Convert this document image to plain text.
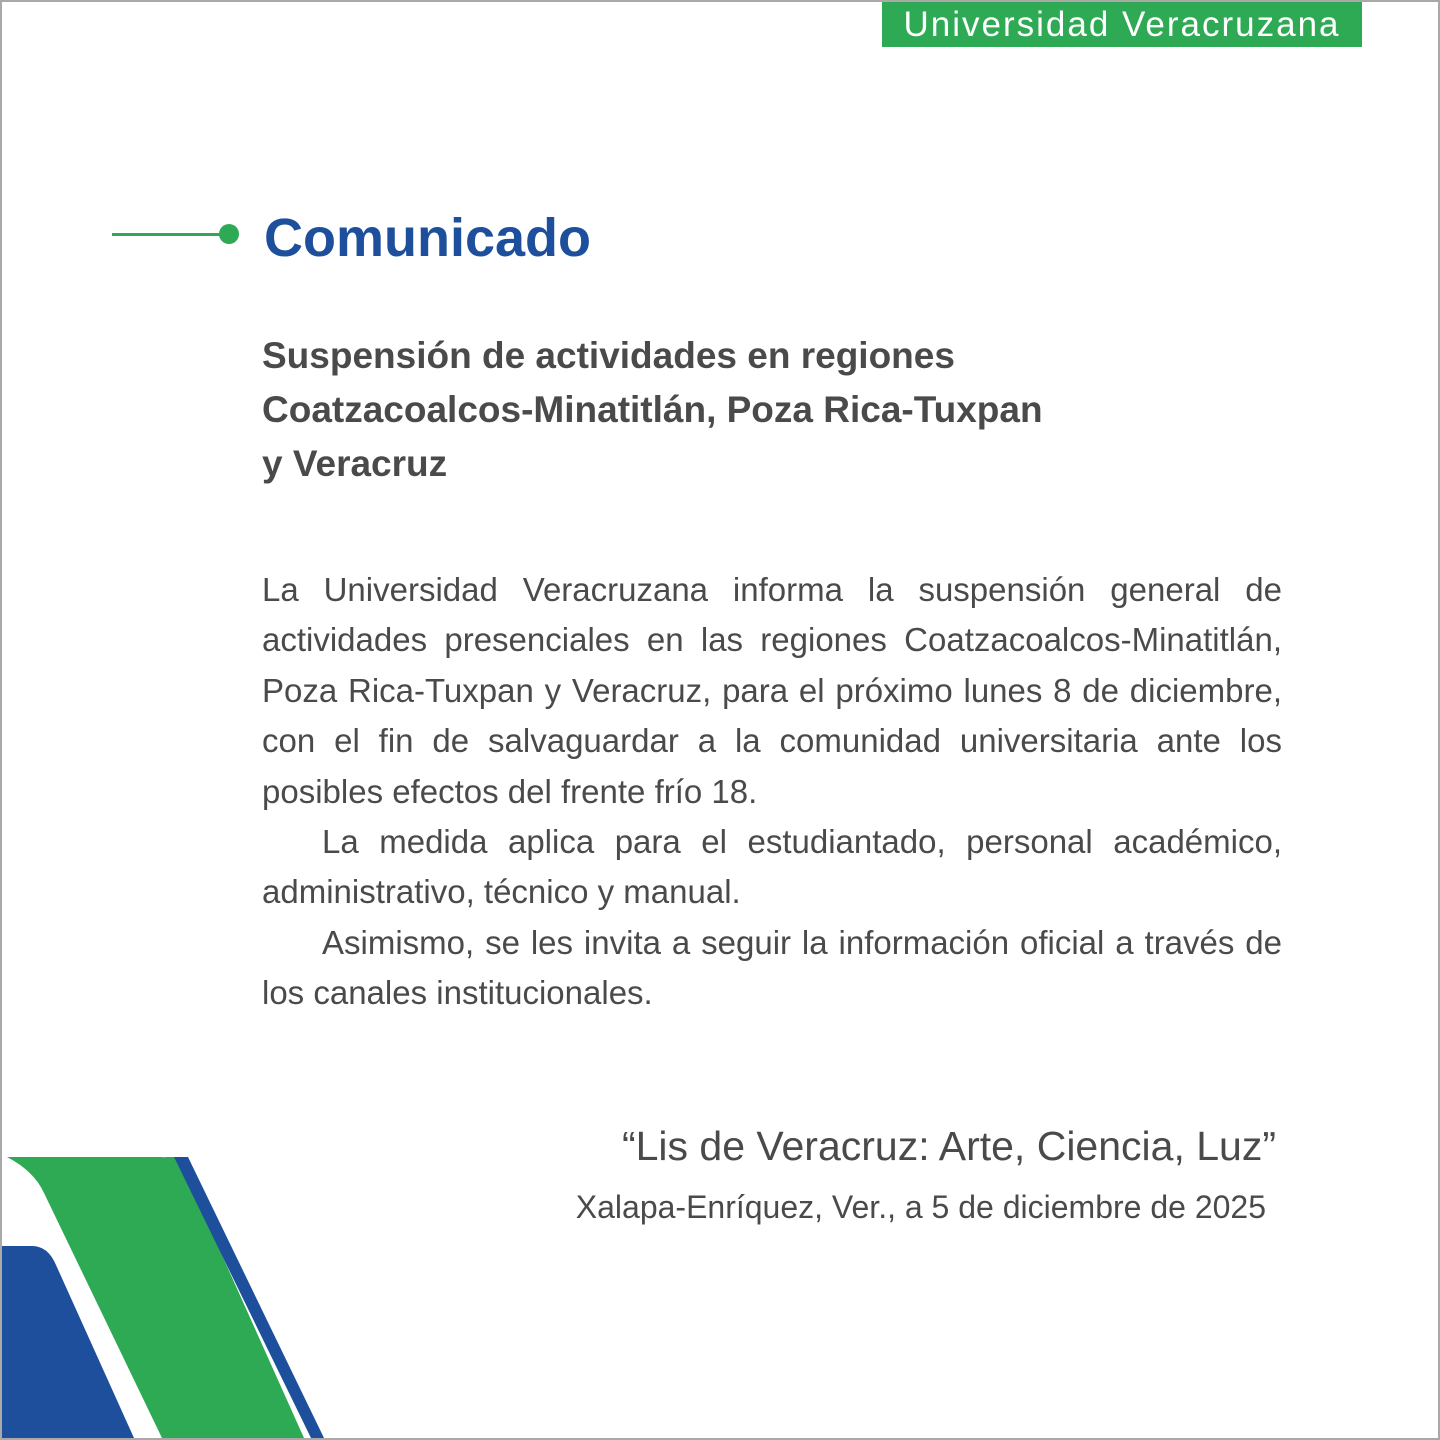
Universidad Veracruzana
Comunicado
Suspensión de actividades en regiones
Coatzacoalcos-Minatitlán, Poza Rica-Tuxpan
y Veracruz

La Universidad Veracruzana informa la suspensión general de actividades presenciales en las regiones Coatzacoalcos-Minatitlán, Poza Rica-Tuxpan y Veracruz, para el próximo lunes 8 de diciembre, con el fin de salvaguardar a la comunidad universitaria ante los posibles efectos del frente frío 18.

La medida aplica para el estudiantado, personal académico, administrativo, técnico y manual.

Asimismo, se les invita a seguir la información oficial a través de los canales institucionales.

“Lis de Veracruz: Arte, Ciencia, Luz”

Xalapa-Enríquez, Ver., a 5 de diciembre de 2025
